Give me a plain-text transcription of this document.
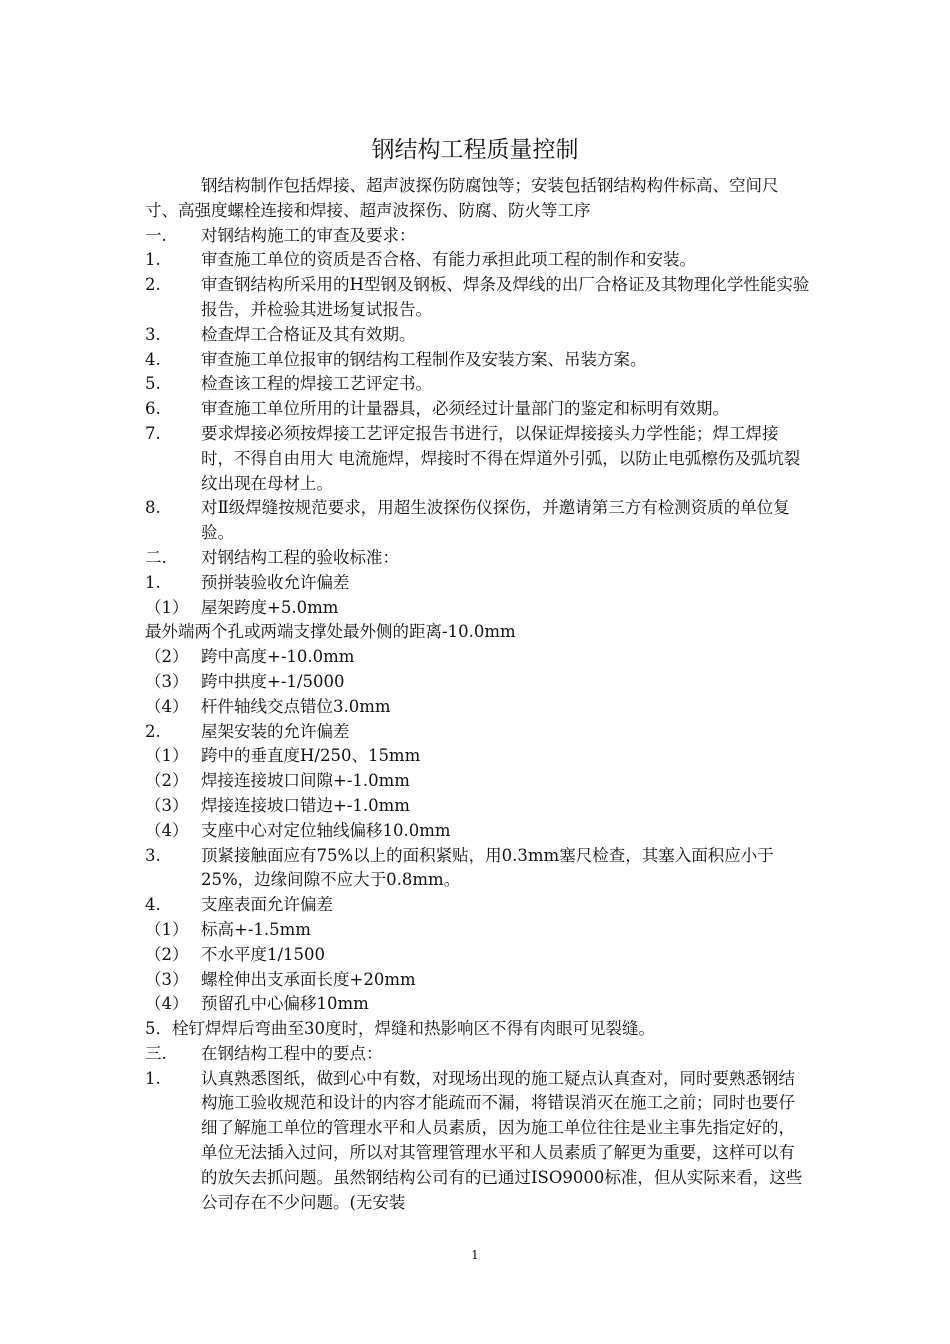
钢结构工程质量控制
钢结构制作包括焊接、超声波探伤防腐蚀等；安装包括钢结构构件标高、空间尺寸、高强度螺栓连接和焊接、超声波探伤、防腐、防火等工序
一.	对钢结构施工的审查及要求：
1.	审查施工单位的资质是否合格、有能力承担此项工程的制作和安装。
2.	审查钢结构所采用的H型钢及钢板、焊条及焊线的出厂合格证及其物理化学性能实验报告，并检验其进场复试报告。
3.	检查焊工合格证及其有效期。
4.	审查施工单位报审的钢结构工程制作及安装方案、吊装方案。
5.	检查该工程的焊接工艺评定书。
6.	审查施工单位所用的计量器具，必须经过计量部门的鉴定和标明有效期。
7.	要求焊接必须按焊接工艺评定报告书进行，以保证焊接接头力学性能；焊工焊接时，不得自由用大 电流施焊，焊接时不得在焊道外引弧，以防止电弧檫伤及弧坑裂纹出现在母材上。
8.	对Ⅱ级焊缝按规范要求，用超生波探伤仪探伤，并邀请第三方有检测资质的单位复验。
二.	对钢结构工程的验收标准：
1.	预拼装验收允许偏差
（1） 屋架跨度+5.0mm
最外端两个孔或两端支撑处最外侧的距离-10.0mm
（2） 跨中高度+-10.0mm
（3） 跨中拱度+-1/5000
（4） 杆件轴线交点错位3.0mm
2.	屋架安装的允许偏差
（1） 跨中的垂直度H/250、15mm
（2） 焊接连接坡口间隙+-1.0mm
（3） 焊接连接坡口错边+-1.0mm
（4） 支座中心对定位轴线偏移10.0mm
3.	顶紧接触面应有75%以上的面积紧贴，用0.3mm塞尺检查，其塞入面积应小于25%，边缘间隙不应大于0.8mm。
4.	支座表面允许偏差
（1） 标高+-1.5mm
（2） 不水平度1/1500
（3） 螺栓伸出支承面长度+20mm
（4） 预留孔中心偏移10mm
5．栓钉焊焊后弯曲至30度时，焊缝和热影响区不得有肉眼可见裂缝。
三.	在钢结构工程中的要点：
1.	认真熟悉图纸，做到心中有数，对现场出现的施工疑点认真查对，同时要熟悉钢结构施工验收规范和设计的内容才能疏而不漏，将错误消灭在施工之前；同时也要仔细了解施工单位的管理水平和人员素质，因为施工单位往往是业主事先指定好的，单位无法插入过问，所以对其管理管理水平和人员素质了解更为重要，这样可以有的放矢去抓问题。虽然钢结构公司有的已通过ISO9000标准，但从实际来看，这些公司存在不少问题。(无安装
1
